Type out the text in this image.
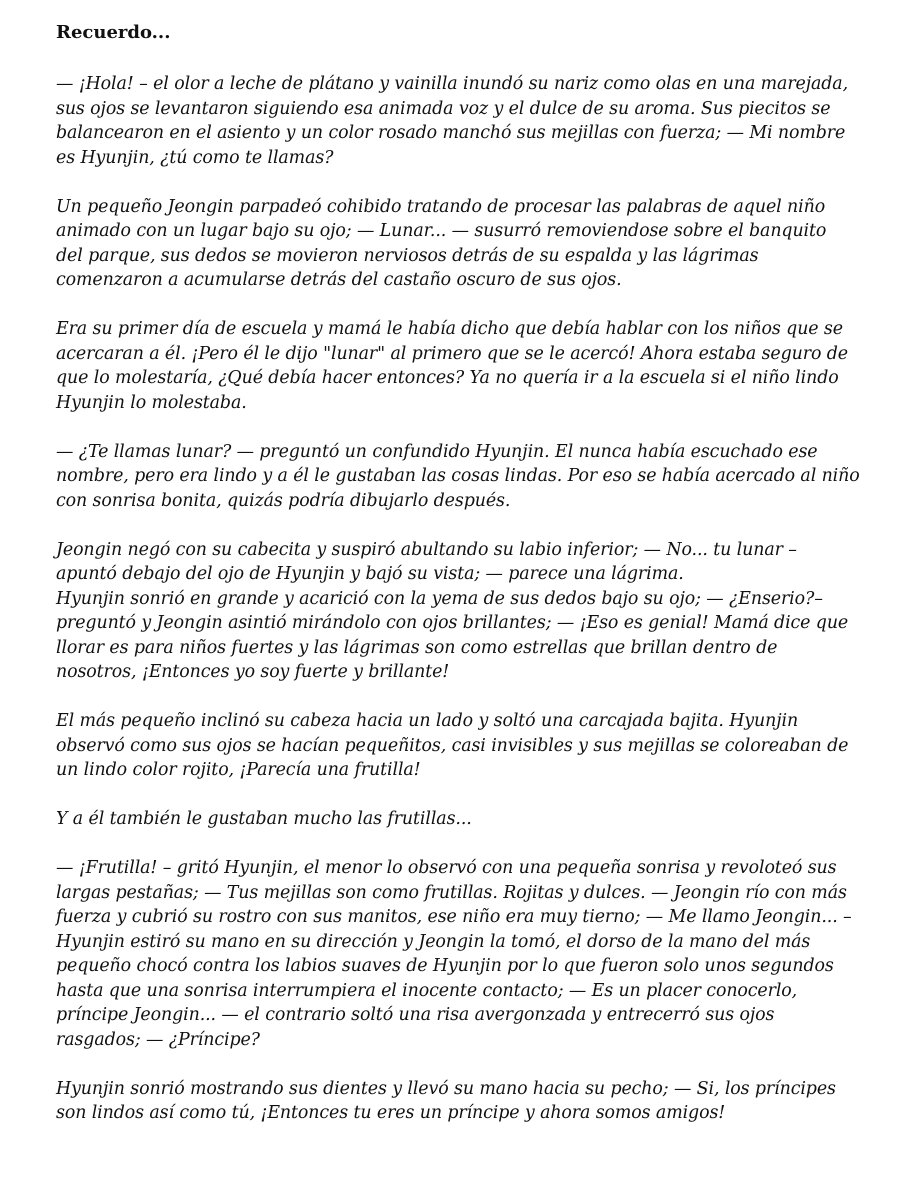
Recuerdo...
— ¡Hola! – el olor a leche de plátano y vainilla inundó su nariz como olas en una marejada,
sus ojos se levantaron siguiendo esa animada voz y el dulce de su aroma. Sus piecitos se
balancearon en el asiento y un color rosado manchó sus mejillas con fuerza; — Mi nombre
es Hyunjin, ¿tú como te llamas?
Un pequeño Jeongin parpadeó cohibido tratando de procesar las palabras de aquel niño
animado con un lugar bajo su ojo; — Lunar... — susurró removiendose sobre el banquito
del parque, sus dedos se movieron nerviosos detrás de su espalda y las lágrimas
comenzaron a acumularse detrás del castaño oscuro de sus ojos.
Era su primer día de escuela y mamá le había dicho que debía hablar con los niños que se
acercaran a él. ¡Pero él le dijo "lunar" al primero que se le acercó! Ahora estaba seguro de
que lo molestaría, ¿Qué debía hacer entonces? Ya no quería ir a la escuela si el niño lindo
Hyunjin lo molestaba.
— ¿Te llamas lunar? — preguntó un confundido Hyunjin. El nunca había escuchado ese
nombre, pero era lindo y a él le gustaban las cosas lindas. Por eso se había acercado al niño
con sonrisa bonita, quizás podría dibujarlo después.
Jeongin negó con su cabecita y suspiró abultando su labio inferior; — No... tu lunar –
apuntó debajo del ojo de Hyunjin y bajó su vista; — parece una lágrima.
Hyunjin sonrió en grande y acarició con la yema de sus dedos bajo su ojo; — ¿Enserio?–
preguntó y Jeongin asintió mirándolo con ojos brillantes; — ¡Eso es genial! Mamá dice que
llorar es para niños fuertes y las lágrimas son como estrellas que brillan dentro de
nosotros, ¡Entonces yo soy fuerte y brillante!
El más pequeño inclinó su cabeza hacia un lado y soltó una carcajada bajita. Hyunjin
observó como sus ojos se hacían pequeñitos, casi invisibles y sus mejillas se coloreaban de
un lindo color rojito, ¡Parecía una frutilla!
Y a él también le gustaban mucho las frutillas...
— ¡Frutilla! – gritó Hyunjin, el menor lo observó con una pequeña sonrisa y revoloteó sus
largas pestañas; — Tus mejillas son como frutillas. Rojitas y dulces. — Jeongin río con más
fuerza y cubrió su rostro con sus manitos, ese niño era muy tierno; — Me llamo Jeongin... –
Hyunjin estiró su mano en su dirección y Jeongin la tomó, el dorso de la mano del más
pequeño chocó contra los labios suaves de Hyunjin por lo que fueron solo unos segundos
hasta que una sonrisa interrumpiera el inocente contacto; — Es un placer conocerlo,
príncipe Jeongin... — el contrario soltó una risa avergonzada y entrecerró sus ojos
rasgados; — ¿Príncipe?
Hyunjin sonrió mostrando sus dientes y llevó su mano hacia su pecho; — Si, los príncipes
son lindos así como tú, ¡Entonces tu eres un príncipe y ahora somos amigos!
